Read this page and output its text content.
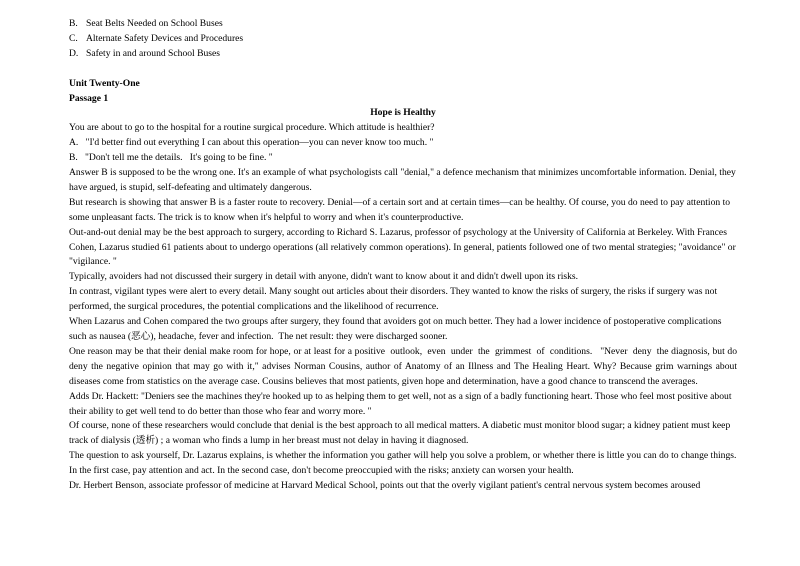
B. Seat Belts Needed on School Buses
C. Alternate Safety Devices and Procedures
D. Safety in and around School Buses
Unit Twenty-One
Passage 1
Hope is Healthy
You are about to go to the hospital for a routine surgical procedure. Which attitude is healthier?
A.   "I'd better find out everything I can about this operation—you can never know too much. "
B.   "Don't tell me the details.   It's going to be fine. "
Answer B is supposed to be the wrong one. It's an example of what psychologists call "denial," a defence mechanism that minimizes uncomfortable information. Denial, they have argued, is stupid, self-defeating and ultimately dangerous.
But research is showing that answer B is a faster route to recovery. Denial—of a certain sort and at certain times—can be healthy. Of course, you do need to pay attention to some unpleasant facts. The trick is to know when it's helpful to worry and when it's counterproductive.
Out-and-out denial may be the best approach to surgery, according to Richard S. Lazarus, professor of psychology at the University of California at Berkeley. With Frances Cohen, Lazarus studied 61 patients about to undergo operations (all relatively common operations). In general, patients followed one of two mental strategies; "avoidance" or "vigilance. "
Typically, avoiders had not discussed their surgery in detail with anyone, didn't want to know about it and didn't dwell upon its risks.
In contrast, vigilant types were alert to every detail. Many sought out articles about their disorders. They wanted to know the risks of surgery, the risks if surgery was not performed, the surgical procedures, the potential complications and the likelihood of recurrence.
When Lazarus and Cohen compared the two groups after surgery, they found that avoiders got on much better. They had a lower incidence of postoperative complications such as nausea (恶心), headache, fever and infection.  The net result: they were discharged sooner.
One reason may be that their denial make room for hope, or at least for a positive  outlook,  even  under  the  grimmest  of  conditions.   "Never  deny  the diagnosis, but do deny the negative opinion that may go with it," advises Norman Cousins, author of Anatomy of an Illness and The Healing Heart. Why? Because grim warnings about diseases come from statistics on the average case. Cousins believes that most patients, given hope and determination, have a good chance to transcend the averages.
Adds Dr. Hackett: "Deniers see the machines they're hooked up to as helping them to get well, not as a sign of a badly functioning heart. Those who feel most positive about their ability to get well tend to do better than those who fear and worry more. "
Of course, none of these researchers would conclude that denial is the best approach to all medical matters. A diabetic must monitor blood sugar; a kidney patient must keep track of dialysis (透析) ; a woman who finds a lump in her breast must not delay in having it diagnosed.
The question to ask yourself, Dr. Lazarus explains, is whether the information you gather will help you solve a problem, or whether there is little you can do to change things. In the first case, pay attention and act. In the second case, don't become preoccupied with the risks; anxiety can worsen your health.
Dr. Herbert Benson, associate professor of medicine at Harvard Medical School, points out that the overly vigilant patient's central nervous system becomes aroused
